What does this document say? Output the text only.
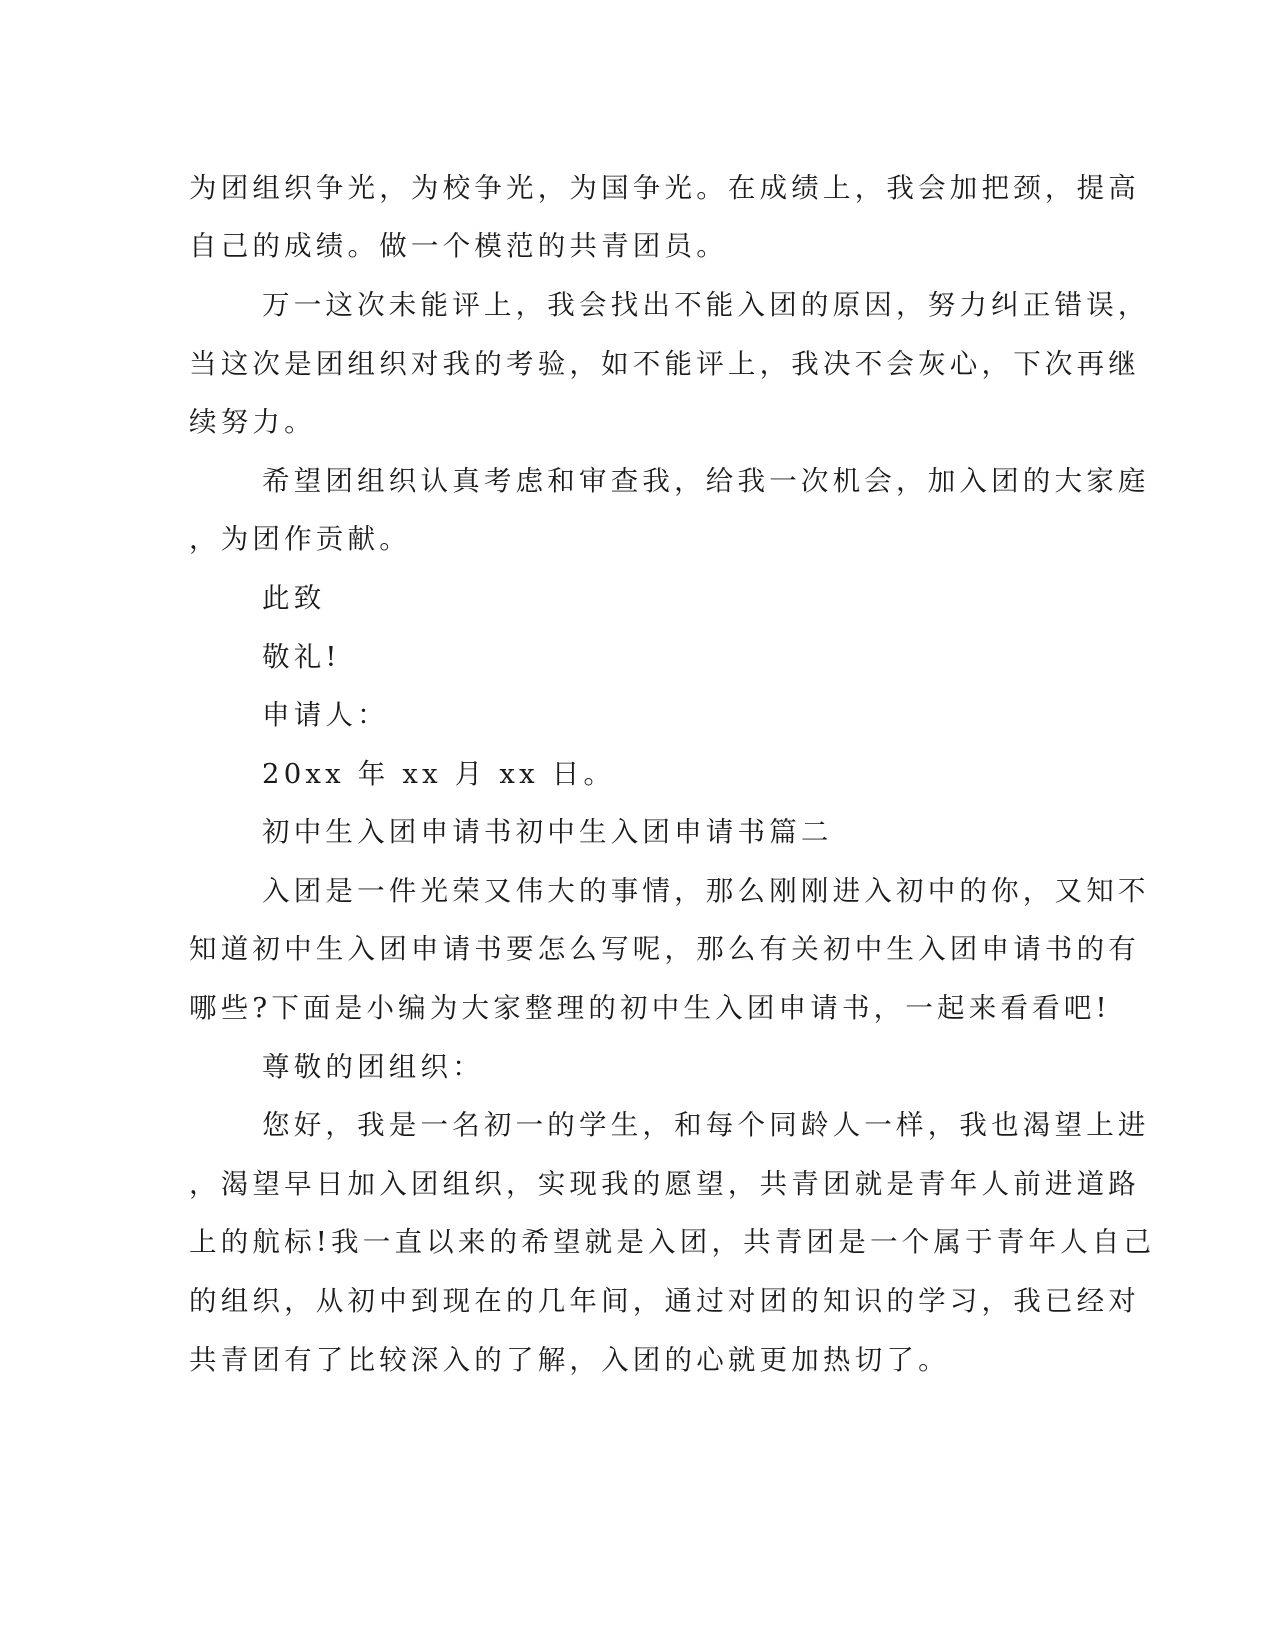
为团组织争光，为校争光，为国争光。在成绩上，我会加把颈，提高
自己的成绩。做一个模范的共青团员。
万一这次未能评上，我会找出不能入团的原因，努力纠正错误，
当这次是团组织对我的考验，如不能评上，我决不会灰心，下次再继
续努力。
希望团组织认真考虑和审查我，给我一次机会，加入团的大家庭
，为团作贡献。
此致
敬礼!
申请人：
20xx 年 xx 月 xx 日。
初中生入团申请书初中生入团申请书篇二
入团是一件光荣又伟大的事情，那么刚刚进入初中的你，又知不
知道初中生入团申请书要怎么写呢，那么有关初中生入团申请书的有
哪些?下面是小编为大家整理的初中生入团申请书，一起来看看吧!
尊敬的团组织：
您好，我是一名初一的学生，和每个同龄人一样，我也渴望上进
，渴望早日加入团组织，实现我的愿望，共青团就是青年人前进道路
上的航标!我一直以来的希望就是入团，共青团是一个属于青年人自己
的组织，从初中到现在的几年间，通过对团的知识的学习，我已经对
共青团有了比较深入的了解，入团的心就更加热切了。
